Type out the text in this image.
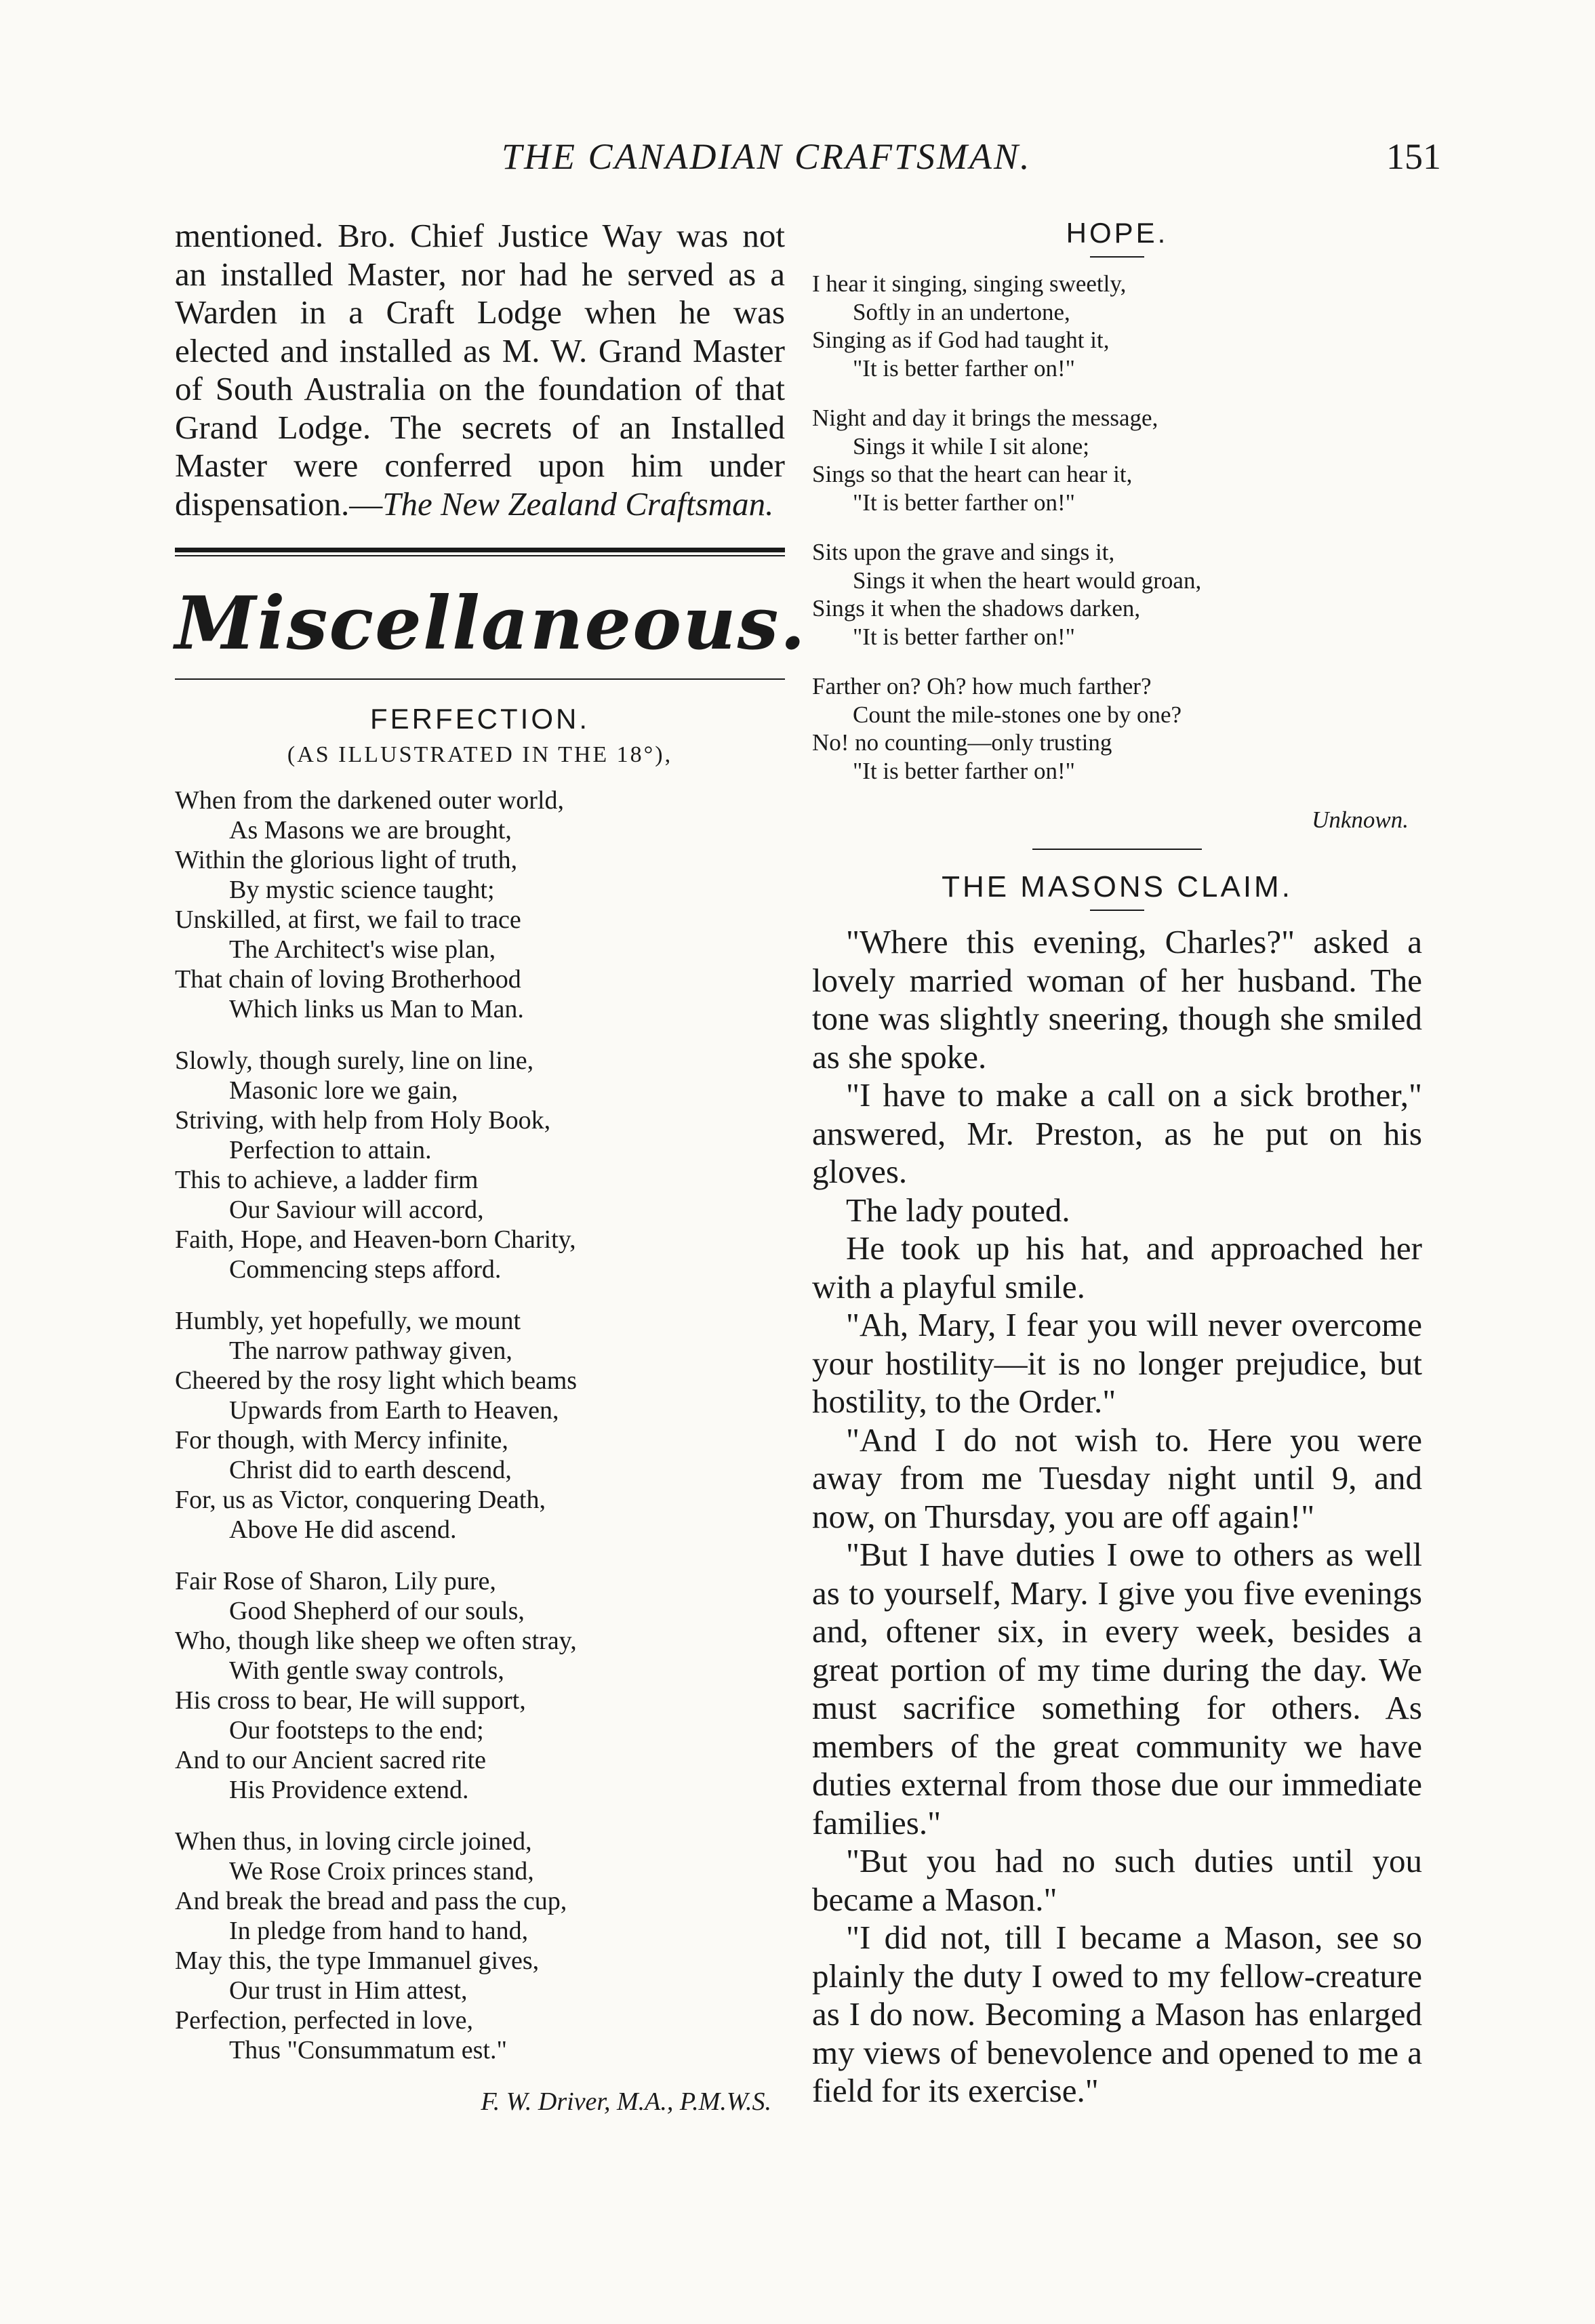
THE CANADIAN CRAFTSMAN.	151

mentioned. Bro. Chief Justice Way was not an installed Master, nor had he served as a Warden in a Craft Lodge when he was elected and installed as M. W. Grand Master of South Australia on the foundation of that Grand Lodge. The secrets of an Installed Master were conferred upon him under dispensation.—The New Zealand Craftsman.

Miscellaneous.
FERFECTION.
(AS ILLUSTRATED IN THE 18°),
When from the darkened outer world,
As Masons we are brought,
Within the glorious light of truth,
By mystic science taught;
Unskilled, at first, we fail to trace
The Architect's wise plan,
That chain of loving Brotherhood
Which links us Man to Man.
Slowly, though surely, line on line,
Masonic lore we gain,
Striving, with help from Holy Book,
Perfection to attain.
This to achieve, a ladder firm
Our Saviour will accord,
Faith, Hope, and Heaven-born Charity,
Commencing steps afford.
Humbly, yet hopefully, we mount
The narrow pathway given,
Cheered by the rosy light which beams
Upwards from Earth to Heaven,
For though, with Mercy infinite,
Christ did to earth descend,
For, us as Victor, conquering Death,
Above He did ascend.
Fair Rose of Sharon, Lily pure,
Good Shepherd of our souls,
Who, though like sheep we often stray,
With gentle sway controls,
His cross to bear, He will support,
Our footsteps to the end;
And to our Ancient sacred rite
His Providence extend.
When thus, in loving circle joined,
We Rose Croix princes stand,
And break the bread and pass the cup,
In pledge from hand to hand,
May this, the type Immanuel gives,
Our trust in Him attest,
Perfection, perfected in love,
Thus "Consummatum est."
F. W. Driver, M.A., P.M.W.S.
HOPE.
I hear it singing, singing sweetly,
Softly in an undertone,
Singing as if God had taught it,
"It is better farther on!"
Night and day it brings the message,
Sings it while I sit alone;
Sings so that the heart can hear it,
"It is better farther on!"
Sits upon the grave and sings it,
Sings it when the heart would groan,
Sings it when the shadows darken,
"It is better farther on!"
Farther on? Oh? how much farther?
Count the mile-stones one by one?
No! no counting—only trusting
"It is better farther on!"
Unknown.
THE MASONS CLAIM.

"Where this evening, Charles?" asked a lovely married woman of her husband. The tone was slightly sneering, though she smiled as she spoke.

"I have to make a call on a sick brother," answered, Mr. Preston, as he put on his gloves.

The lady pouted.

He took up his hat, and approached her with a playful smile.

"Ah, Mary, I fear you will never overcome your hostility—it is no longer prejudice, but hostility, to the Order."

"And I do not wish to. Here you were away from me Tuesday night until 9, and now, on Thursday, you are off again!"

"But I have duties I owe to others as well as to yourself, Mary. I give you five evenings and, oftener six, in every week, besides a great portion of my time during the day. We must sacrifice something for others. As members of the great community we have duties external from those due our immediate families."

"But you had no such duties until you became a Mason."

"I did not, till I became a Mason, see so plainly the duty I owed to my fellow-creature as I do now. Becoming a Mason has enlarged my views of benevolence and opened to me a field for its exercise."
